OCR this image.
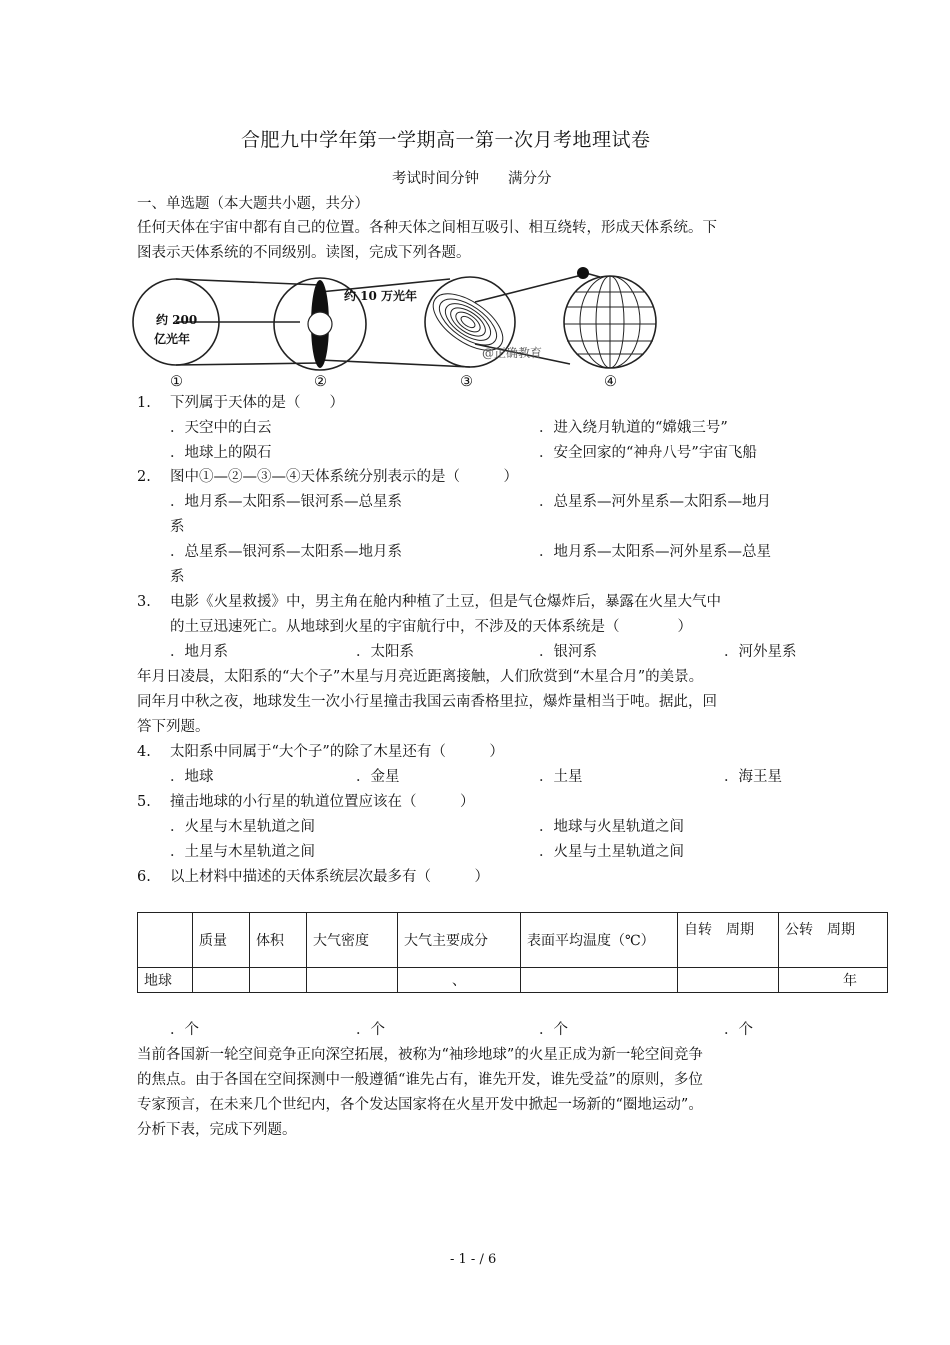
合肥九中学年第一学期高一第一次月考地理试卷
考试时间分钟　　满分分
一、单选题（本大题共小题，共分）
任何天体在宇宙中都有自己的位置。各种天体之间相互吸引、相互绕转，形成天体系统。下
图表示天体系统的不同级别。读图，完成下列各题。
约 200
亿光年
约 10 万光年
@正确教育
①	②	③	④
1. 下列属于天体的是（　　）
．天空中的白云	．进入绕月轨道的“嫦娥三号”
．地球上的陨石	．安全回家的“神舟八号”宇宙飞船
2. 图中①—②—③—④天体系统分别表示的是（　　　）
．地月系—太阳系—银河系—总星系	．总星系—河外星系—太阳系—地月
系
．总星系—银河系—太阳系—地月系	．地月系—太阳系—河外星系—总星
系
3. 电影《火星救援》中，男主角在舱内种植了土豆，但是气仓爆炸后，暴露在火星大气中
的土豆迅速死亡。从地球到火星的宇宙航行中，不涉及的天体系统是（　　　　）
．地月系	．太阳系	．银河系	．河外星系
年月日凌晨，太阳系的“大个子”木星与月亮近距离接触，人们欣赏到“木星合月”的美景。
同年月中秋之夜，地球发生一次小行星撞击我国云南香格里拉，爆炸量相当于吨。据此，回
答下列题。
4. 太阳系中同属于“大个子”的除了木星还有（　　　）
．地球	．金星	．土星	．海王星
5. 撞击地球的小行星的轨道位置应该在（　　　）
．火星与木星轨道之间	．地球与火星轨道之间
．土星与木星轨道之间	．火星与土星轨道之间
6. 以上材料中描述的天体系统层次最多有（　　　）
	质量	体积	大气密度	大气主要成分	表面平均温度（℃）	自转　周期	公转　周期
地球				、			年
．个	．个	．个	．个
当前各国新一轮空间竞争正向深空拓展，被称为“袖珍地球”的火星正成为新一轮空间竞争
的焦点。由于各国在空间探测中一般遵循“谁先占有，谁先开发，谁先受益”的原则，多位
专家预言，在未来几个世纪内，各个发达国家将在火星开发中掀起一场新的“圈地运动”。
分析下表，完成下列题。
- 1 - / 6
